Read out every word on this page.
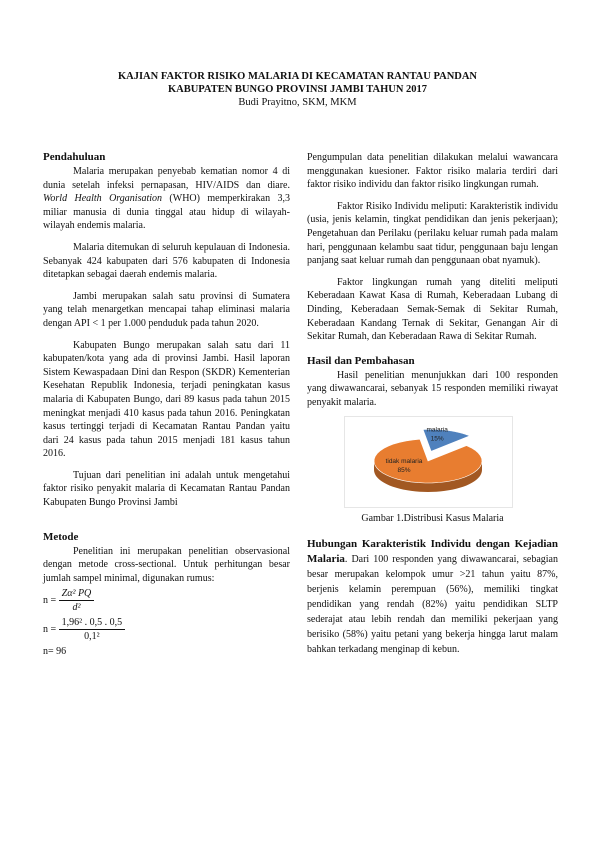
KAJIAN FAKTOR RISIKO MALARIA DI KECAMATAN RANTAU PANDAN
KABUPATEN BUNGO PROVINSI JAMBI TAHUN 2017
Budi Prayitno, SKM, MKM
Pendahuluan

Malaria merupakan penyebab kematian nomor 4 di dunia setelah infeksi pernapasan, HIV/AIDS dan diare. World Health Organisation (WHO) memperkirakan 3,3 miliar manusia di dunia tinggal atau hidup di wilayah-wilayah endemis malaria.

Malaria ditemukan di seluruh kepulauan di Indonesia. Sebanyak 424 kabupaten dari 576 kabupaten di Indonesia ditetapkan sebagai daerah endemis malaria.

Jambi merupakan salah satu provinsi di Sumatera yang telah menargetkan mencapai tahap eliminasi malaria dengan API < 1 per 1.000 penduduk pada tahun 2020.

Kabupaten Bungo merupakan salah satu dari 11 kabupaten/kota yang ada di provinsi Jambi. Hasil laporan Sistem Kewaspadaan Dini dan Respon (SKDR) Kementerian Kesehatan Republik Indonesia, terjadi peningkatan kasus malaria di Kabupaten Bungo, dari 89 kasus pada tahun 2015 meningkat menjadi 410 kasus pada tahun 2016. Peningkatan kasus tertinggi terjadi di Kecamatan Rantau Pandan yaitu dari 24 kasus pada tahun 2015 menjadi 181 kasus tahun 2016.

Tujuan dari penelitian ini adalah untuk mengetahui faktor risiko penyakit malaria di Kecamatan Rantau Pandan Kabupaten Bungo Provinsi Jambi

Metode

Penelitian ini merupakan penelitian observasional dengan metode cross-sectional. Untuk perhitungan besar jumlah sampel minimal, digunakan rumus:

$n = \frac{\text{Zα² PQ}}{\text{d²}}$
$n = \frac{\text{1,96² . 0,5 . 0,5}}{\text{0,1²}}$
n= 96

Pengumpulan data penelitian dilakukan melalui wawancara menggunakan kuesioner. Faktor risiko malaria terdiri dari faktor risiko individu dan faktor risiko lingkungan rumah.

Faktor Risiko Individu meliputi: Karakteristik individu (usia, jenis kelamin, tingkat pendidikan dan jenis pekerjaan); Pengetahuan dan Perilaku (perilaku keluar rumah pada malam hari, penggunaan kelambu saat tidur, penggunaan baju lengan panjang saat keluar rumah dan penggunaan obat nyamuk).

Faktor lingkungan rumah yang diteliti meliputi Keberadaan Kawat Kasa di Rumah, Keberadaan Lubang di Dinding, Keberadaan Semak-Semak di Sekitar Rumah, Keberadaan Kandang Ternak di Sekitar, Genangan Air di Sekitar Rumah, dan Keberadaan Rawa di Sekitar Rumah.

Hasil dan Pembahasan

Hasil penelitian menunjukkan dari 100 responden yang diwawancarai, sebanyak 15 responden memiliki riwayat penyakit malaria.

malaria
15%
tidak malaria
85%
Gambar 1.Distribusi Kasus Malaria

Hubungan Karakteristik Individu dengan Kejadian Malaria. Dari 100 responden yang diwawancarai, sebagian besar merupakan kelompok umur >21 tahun yaitu 87%, berjenis kelamin perempuan (56%), memiliki tingkat pendidikan yang rendah (82%) yaitu pendidikan SLTP sederajat atau lebih rendah dan memiliki pekerjaan yang berisiko (58%) yaitu petani yang bekerja hingga larut malam bahkan terkadang menginap di kebun.
